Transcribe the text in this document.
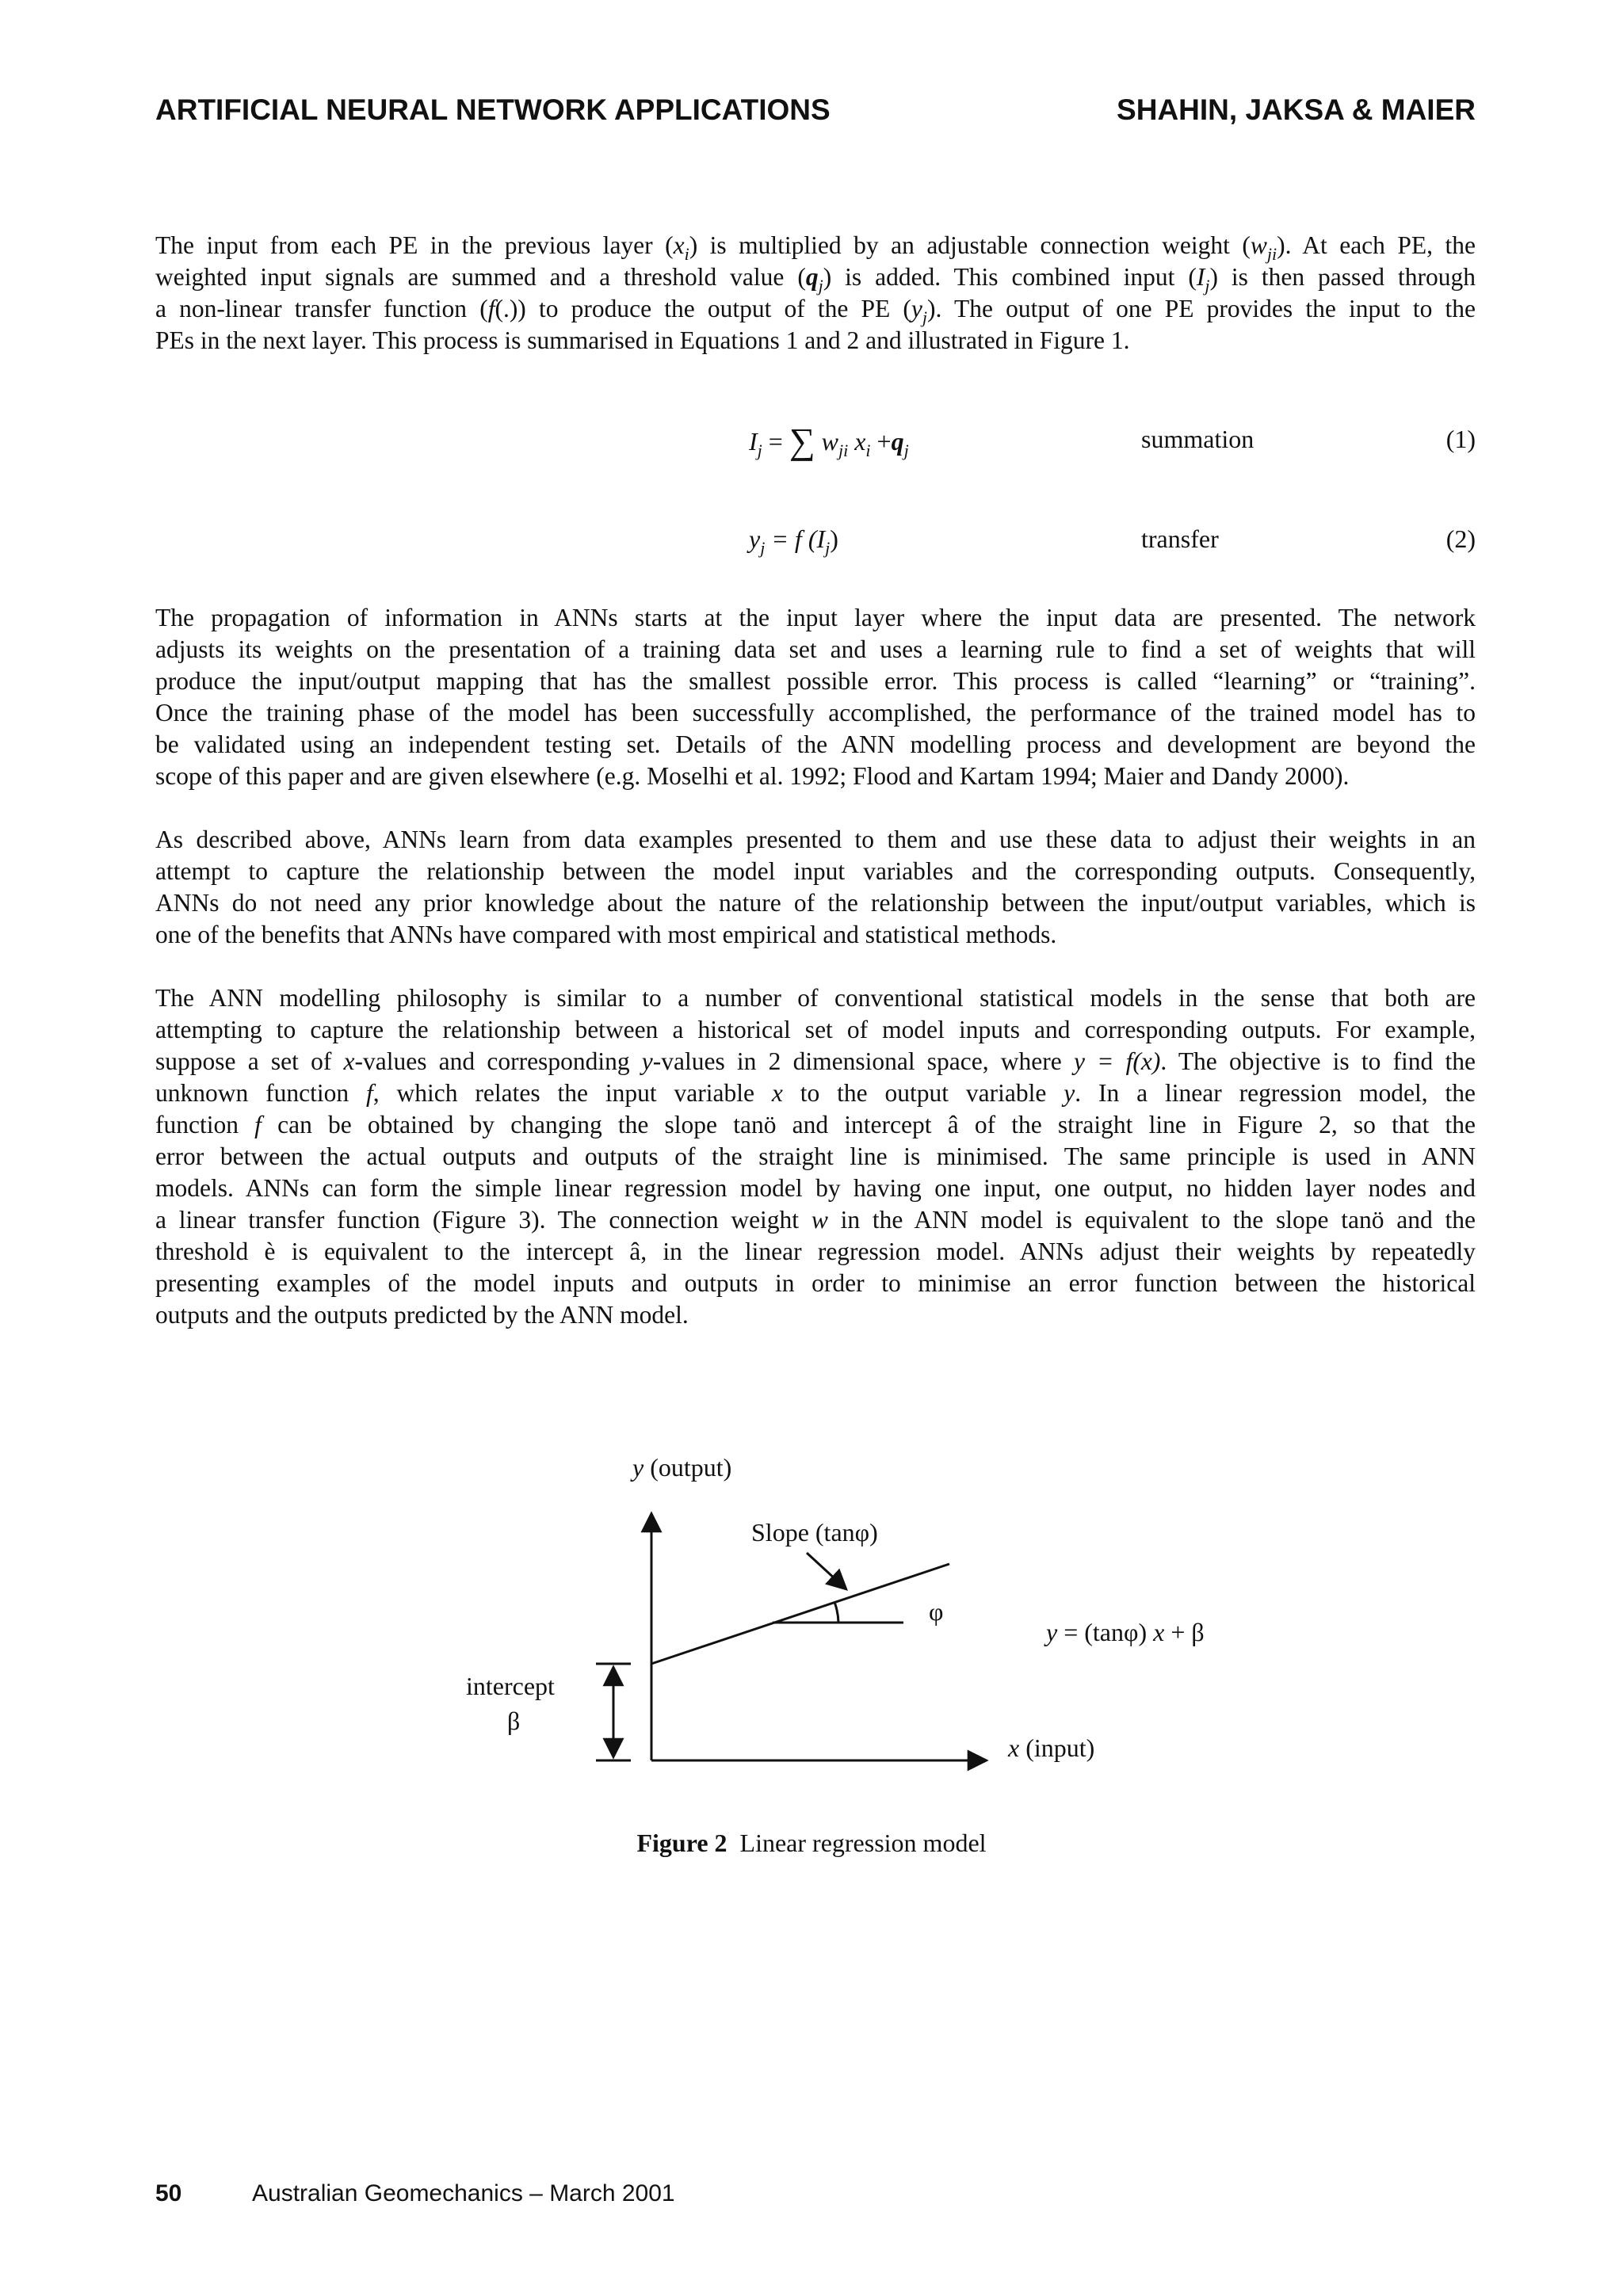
ARTIFICIAL NEURAL NETWORK APPLICATIONS	SHAHIN, JAKSA & MAIER
The input from each PE in the previous layer $(x_i)$ is multiplied by an adjustable connection weight $(w_{ji})$. At each PE, the
weighted input signals are summed and a threshold value $(q_j)$ is added. This combined input $(I_j)$ is then passed through
a non-linear transfer function (f(.)) to produce the output of the PE $(y_j)$. The output of one PE provides the input to the
PEs in the next layer. This process is summarised in Equations 1 and 2 and illustrated in Figure 1.
$I_j$ = ∑ $w_{ji}$ $x_i +q_j$	summation	(1)
$y_j = f$ $(I_j)$	transfer	(2)
The propagation of information in ANNs starts at the input layer where the input data are presented. The network
adjusts its weights on the presentation of a training data set and uses a learning rule to find a set of weights that will
produce the input/output mapping that has the smallest possible error. This process is called “learning” or “training”.
Once the training phase of the model has been successfully accomplished, the performance of the trained model has to
be validated using an independent testing set. Details of the ANN modelling process and development are beyond the
scope of this paper and are given elsewhere (e.g. Moselhi et al. 1992; Flood and Kartam 1994; Maier and Dandy 2000).
As described above, ANNs learn from data examples presented to them and use these data to adjust their weights in an
attempt to capture the relationship between the model input variables and the corresponding outputs. Consequently,
ANNs do not need any prior knowledge about the nature of the relationship between the input/output variables, which is
one of the benefits that ANNs have compared with most empirical and statistical methods.
The ANN modelling philosophy is similar to a number of conventional statistical models in the sense that both are
attempting to capture the relationship between a historical set of model inputs and corresponding outputs. For example,
suppose a set of x-values and corresponding y-values in 2 dimensional space, where y = f(x). The objective is to find the
unknown function f, which relates the input variable x to the output variable y. In a linear regression model, the
function f can be obtained by changing the slope tanö and intercept â of the straight line in Figure 2, so that the
error between the actual outputs and outputs of the straight line is minimised. The same principle is used in ANN
models. ANNs can form the simple linear regression model by having one input, one output, no hidden layer nodes and
a linear transfer function (Figure 3). The connection weight w in the ANN model is equivalent to the slope tanö and the
threshold è is equivalent to the intercept â, in the linear regression model. ANNs adjust their weights by repeatedly
presenting examples of the model inputs and outputs in order to minimise an error function between the historical
outputs and the outputs predicted by the ANN model.
y (output)
Slope (tanφ)
φ
y = (tanφ) x + β
intercept
β
x (input)
Figure 2  Linear regression model
50	Australian Geomechanics – March 2001
